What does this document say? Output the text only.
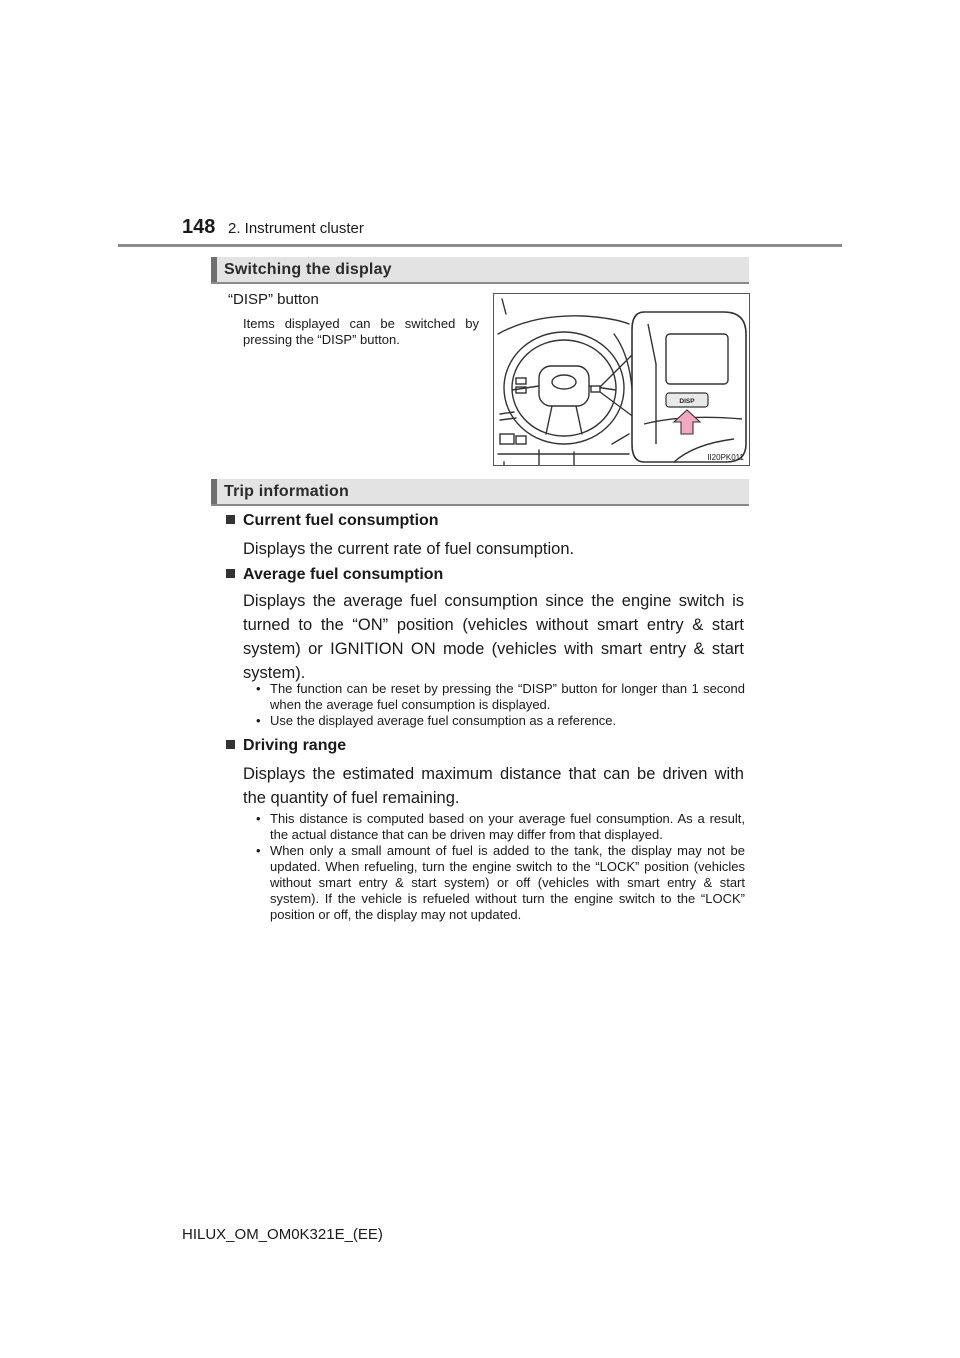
148 2. Instrument cluster
Switching the display
“DISP” button
Items displayed can be switched by pressing the “DISP” button.
DISP
II20PK011
Trip information
Current fuel consumption
Displays the current rate of fuel consumption.
Average fuel consumption
Displays the average fuel consumption since the engine switch is turned to the “ON” position (vehicles without smart entry & start system) or IGNITION ON mode (vehicles with smart entry & start system).
• The function can be reset by pressing the “DISP” button for longer than 1 second when the average fuel consumption is displayed.
• Use the displayed average fuel consumption as a reference.
Driving range
Displays the estimated maximum distance that can be driven with the quantity of fuel remaining.
• This distance is computed based on your average fuel consumption. As a result, the actual distance that can be driven may differ from that displayed.
• When only a small amount of fuel is added to the tank, the display may not be updated. When refueling, turn the engine switch to the “LOCK” position (vehicles without smart entry & start system) or off (vehicles with smart entry & start system). If the vehicle is refueled without turn the engine switch to the “LOCK” position or off, the display may not updated.
HILUX_OM_OM0K321E_(EE)
